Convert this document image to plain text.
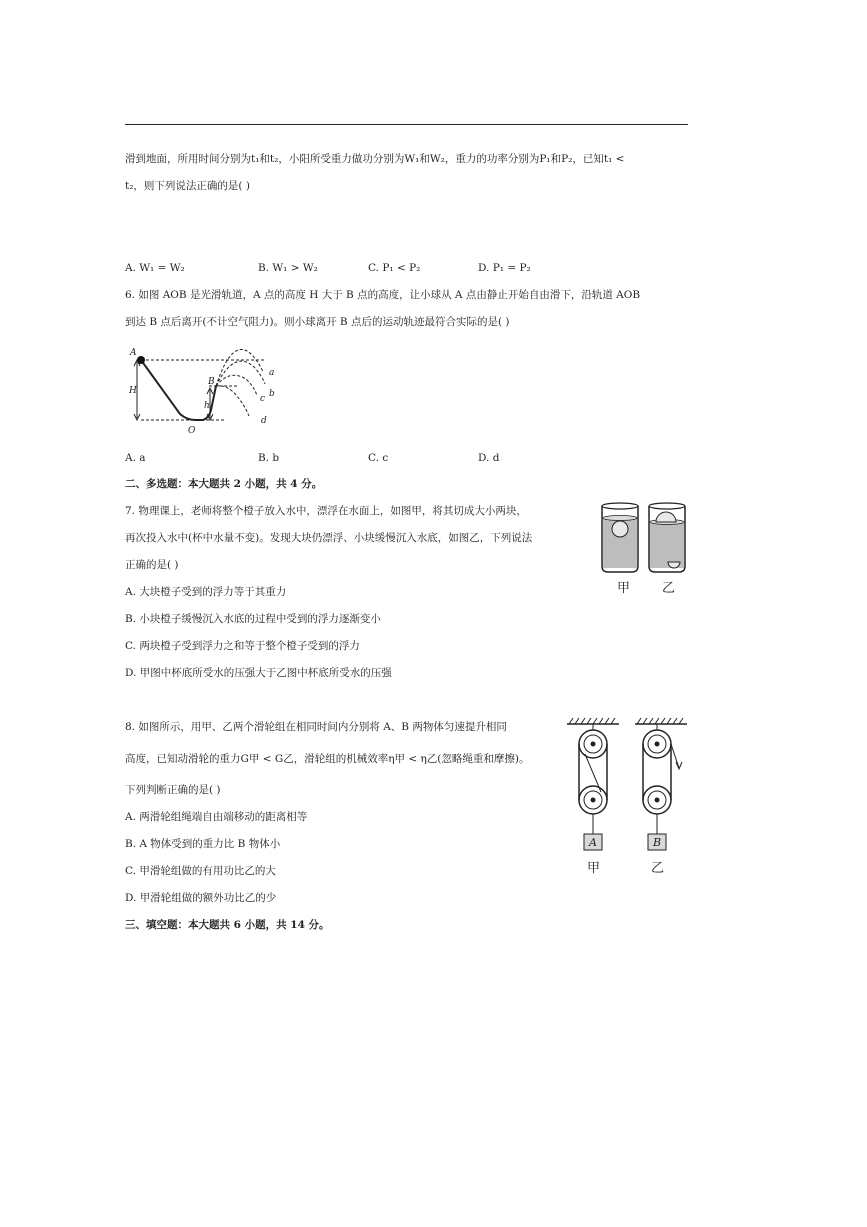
滑到地面，所用时间分别为t₁和t₂，小阳所受重力做功分别为W₁和W₂，重力的功率分别为P₁和P₂，已知t₁ <
t₂，则下列说法正确的是( )
A. W₁ = W₂	B. W₁ > W₂	C. P₁ < P₂	D. P₁ = P₂
6. 如图 AOB 是光滑轨道，A 点的高度 H 大于 B 点的高度，让小球从 A 点由静止开始自由滑下，沿轨道 AOB
到达 B 点后离开(不计空气阻力)。则小球离开 B 点后的运动轨迹最符合实际的是( )
A
H
B
h
O
a
b
c
d
A. a	B. b	C. c	D. d
二、多选题：本大题共 2 小题，共 4 分。
7. 物理课上，老师将整个橙子放入水中，漂浮在水面上，如图甲，将其切成大小两块，
再次投入水中(杯中水量不变)。发现大块仍漂浮、小块缓慢沉入水底，如图乙，下列说法
正确的是( )
A. 大块橙子受到的浮力等于其重力
B. 小块橙子缓慢沉入水底的过程中受到的浮力逐渐变小
C. 两块橙子受到浮力之和等于整个橙子受到的浮力
D. 甲图中杯底所受水的压强大于乙图中杯底所受水的压强
甲 乙
8. 如图所示，用甲、乙两个滑轮组在相同时间内分别将 A、B 两物体匀速提升相同
高度，已知动滑轮的重力G甲 < G乙，滑轮组的机械效率η甲 < η乙(忽略绳重和摩擦)。
下列判断正确的是( )
A. 两滑轮组绳端自由端移动的距离相等
B. A 物体受到的重力比 B 物体小
C. 甲滑轮组做的有用功比乙的大
D. 甲滑轮组做的额外功比乙的少
A	B
甲	乙
三、填空题：本大题共 6 小题，共 14 分。
